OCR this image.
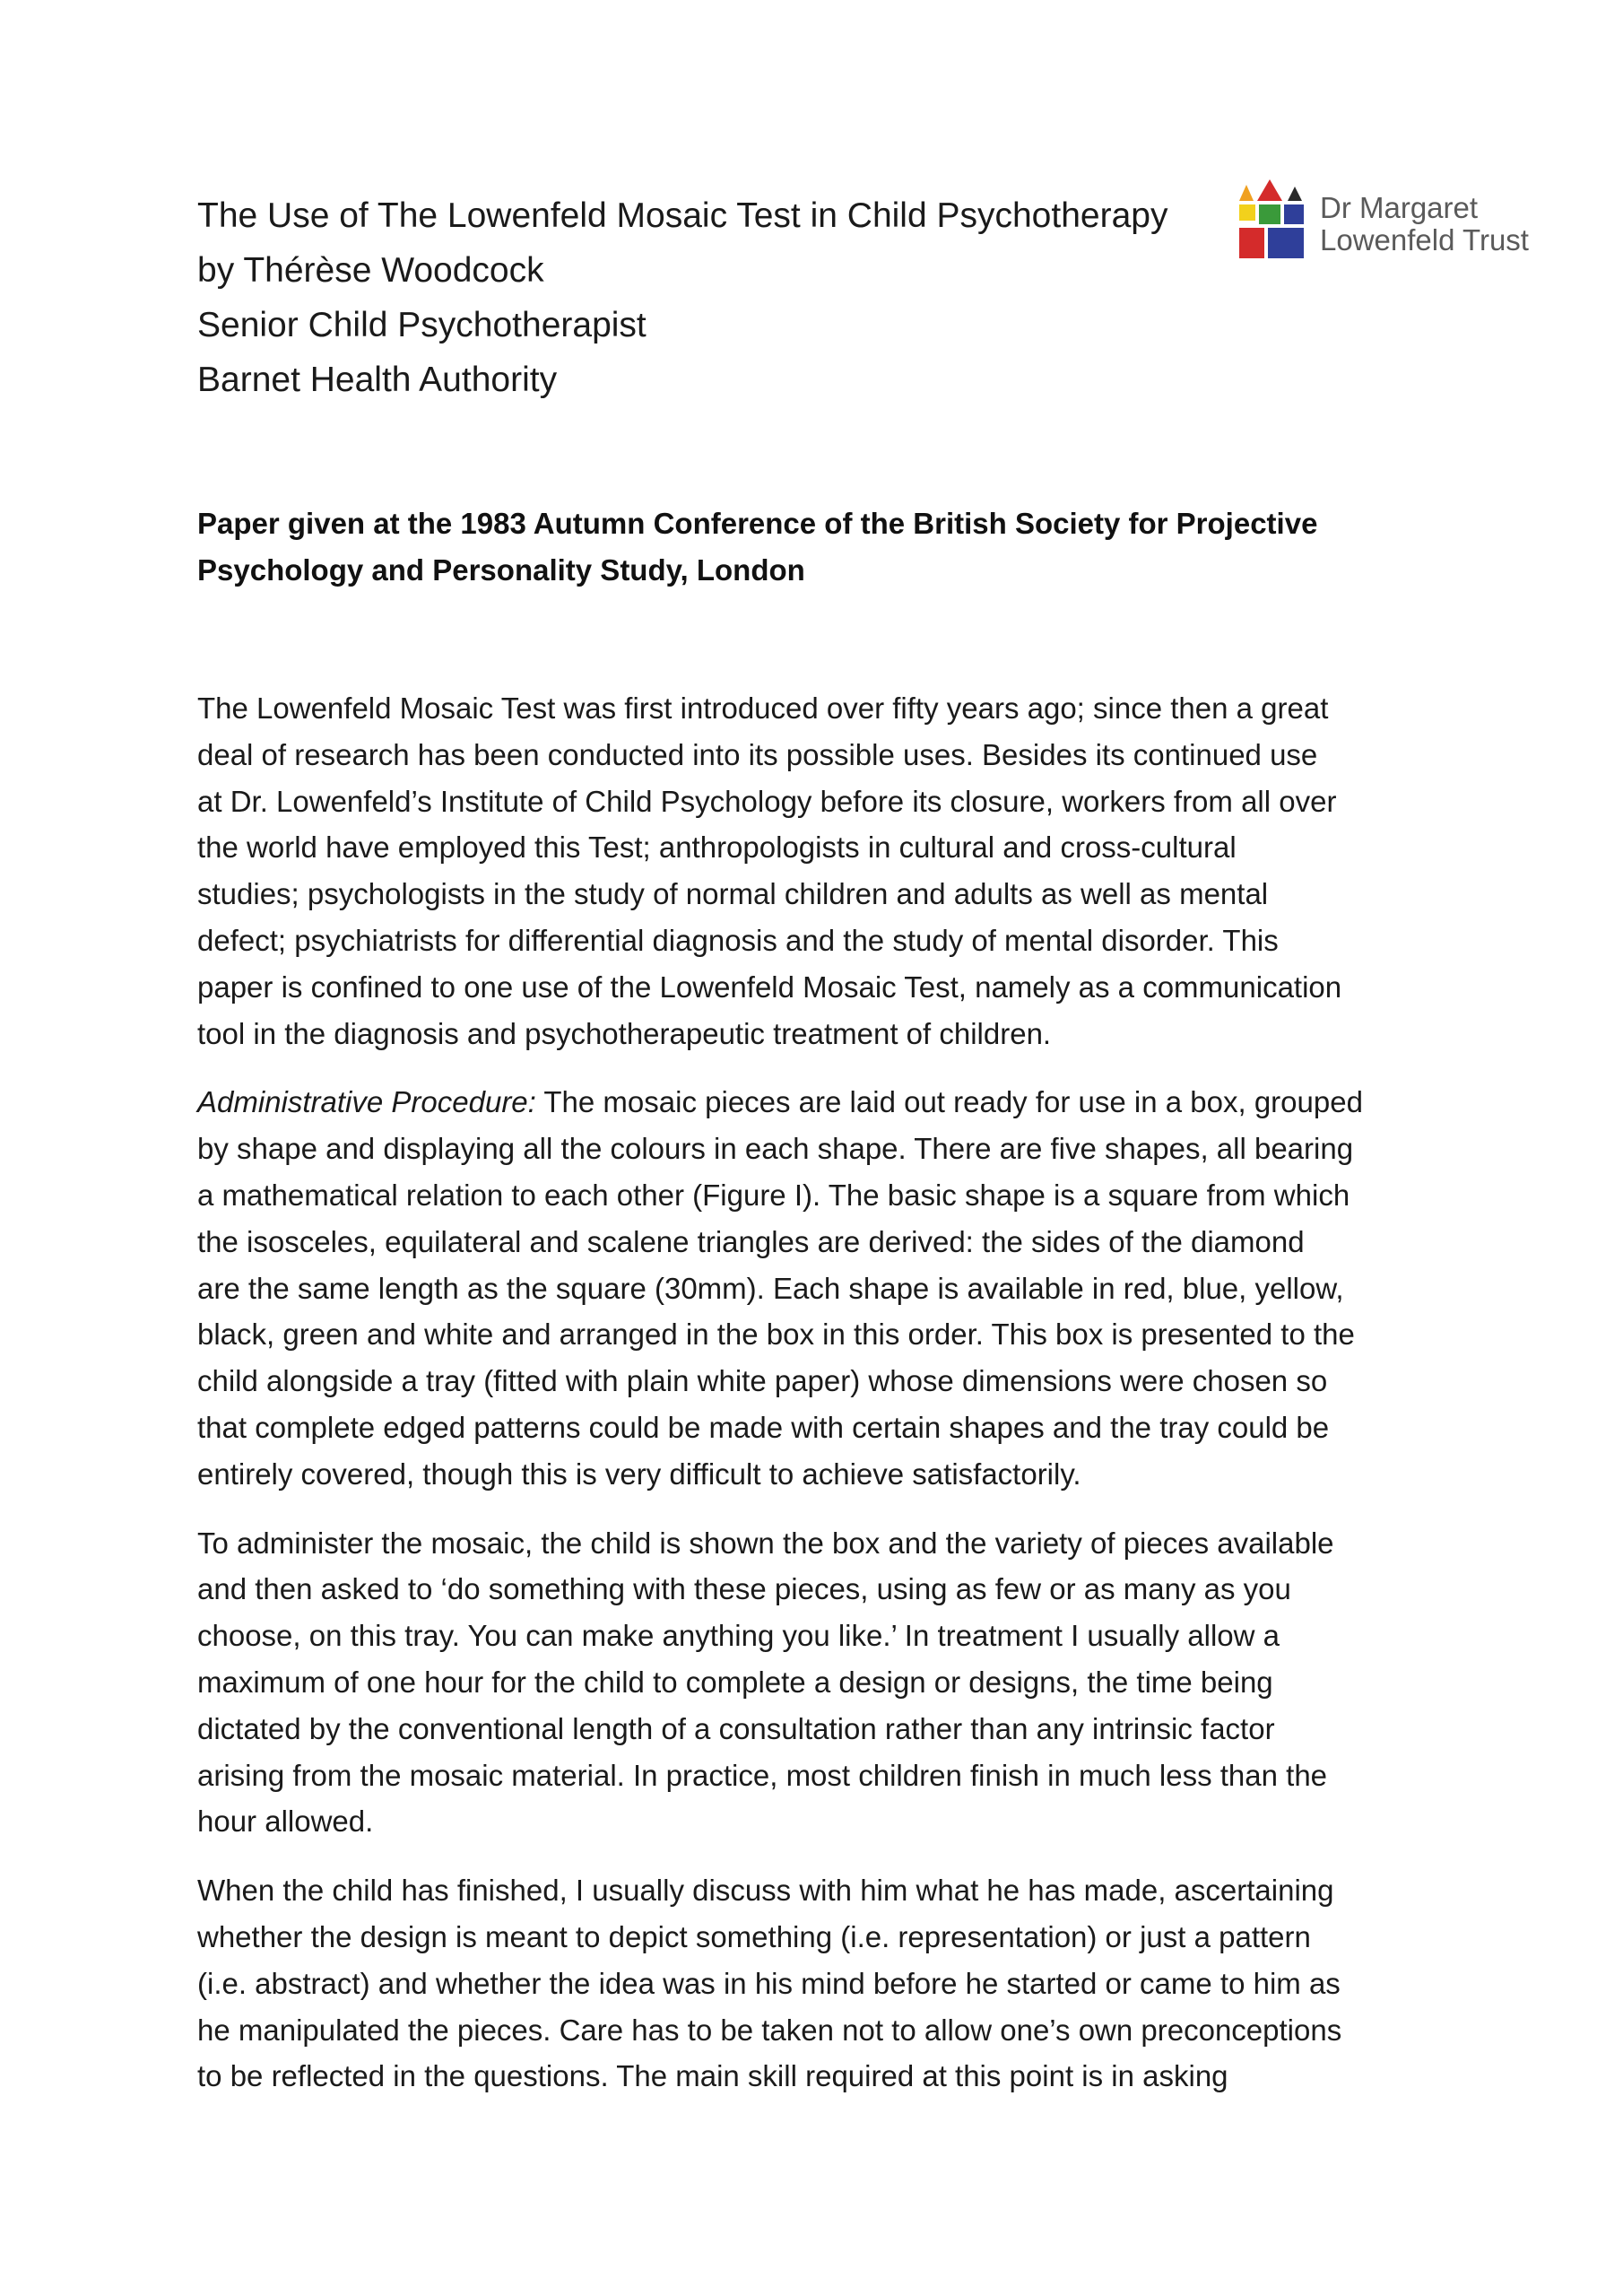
The Use of The Lowenfeld Mosaic Test in Child Psychotherapy
by Thérèse Woodcock
Senior Child Psychotherapist
Barnet Health Authority
Dr Margaret
Lowenfeld Trust
Paper given at the 1983 Autumn Conference of the British Society for Projective
Psychology and Personality Study, London

The Lowenfeld Mosaic Test was first introduced over fifty years ago; since then a great
deal of research has been conducted into its possible uses. Besides its continued use
at Dr. Lowenfeld’s Institute of Child Psychology before its closure, workers from all over
the world have employed this Test; anthropologists in cultural and cross-cultural
studies; psychologists in the study of normal children and adults as well as mental
defect; psychiatrists for differential diagnosis and the study of mental disorder. This
paper is confined to one use of the Lowenfeld Mosaic Test, namely as a communication
tool in the diagnosis and psychotherapeutic treatment of children.

Administrative Procedure: The mosaic pieces are laid out ready for use in a box, grouped
by shape and displaying all the colours in each shape. There are five shapes, all bearing
a mathematical relation to each other (Figure I). The basic shape is a square from which
the isosceles, equilateral and scalene triangles are derived: the sides of the diamond
are the same length as the square (30mm). Each shape is available in red, blue, yellow,
black, green and white and arranged in the box in this order. This box is presented to the
child alongside a tray (fitted with plain white paper) whose dimensions were chosen so
that complete edged patterns could be made with certain shapes and the tray could be
entirely covered, though this is very difficult to achieve satisfactorily.

To administer the mosaic, the child is shown the box and the variety of pieces available
and then asked to ‘do something with these pieces, using as few or as many as you
choose, on this tray. You can make anything you like.’ In treatment I usually allow a
maximum of one hour for the child to complete a design or designs, the time being
dictated by the conventional length of a consultation rather than any intrinsic factor
arising from the mosaic material. In practice, most children finish in much less than the
hour allowed.

When the child has finished, I usually discuss with him what he has made, ascertaining
whether the design is meant to depict something (i.e. representation) or just a pattern
(i.e. abstract) and whether the idea was in his mind before he started or came to him as
he manipulated the pieces. Care has to be taken not to allow one’s own preconceptions
to be reflected in the questions. The main skill required at this point is in asking
